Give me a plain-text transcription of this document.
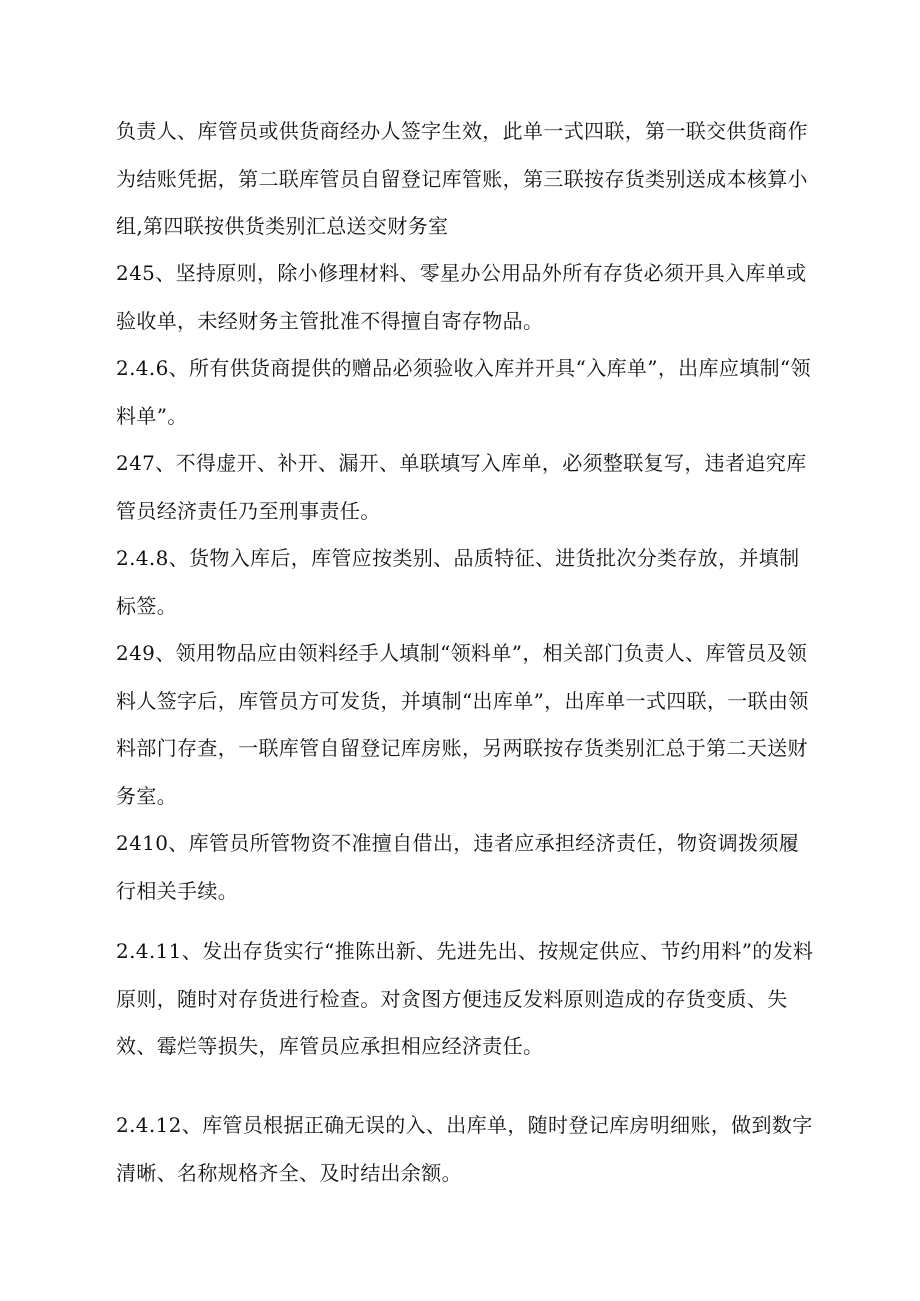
负责人、库管员或供货商经办人签字生效，此单一式四联，第一联交供货商作为结账凭据，第二联库管员自留登记库管账，第三联按存货类别送成本核算小组,第四联按供货类别汇总送交财务室

245、坚持原则，除小修理材料、零星办公用品外所有存货必须开具入库单或验收单，未经财务主管批准不得擅自寄存物品。

2.4.6、所有供货商提供的赠品必须验收入库并开具“入库单”，出库应填制“领料单”。

247、不得虚开、补开、漏开、单联填写入库单，必须整联复写，违者追究库管员经济责任乃至刑事责任。

2.4.8、货物入库后，库管应按类别、品质特征、进货批次分类存放，并填制标签。

249、领用物品应由领料经手人填制“领料单”，相关部门负责人、库管员及领料人签字后，库管员方可发货，并填制“出库单”，出库单一式四联，一联由领料部门存查，一联库管自留登记库房账，另两联按存货类别汇总于第二天送财务室。

2410、库管员所管物资不准擅自借出，违者应承担经济责任，物资调拨须履行相关手续。

2.4.11、发出存货实行“推陈出新、先进先出、按规定供应、节约用料”的发料原则，随时对存货进行检查。对贪图方便违反发料原则造成的存货变质、失效、霉烂等损失，库管员应承担相应经济责任。

2.4.12、库管员根据正确无误的入、出库单，随时登记库房明细账，做到数字清晰、名称规格齐全、及时结出余额。
